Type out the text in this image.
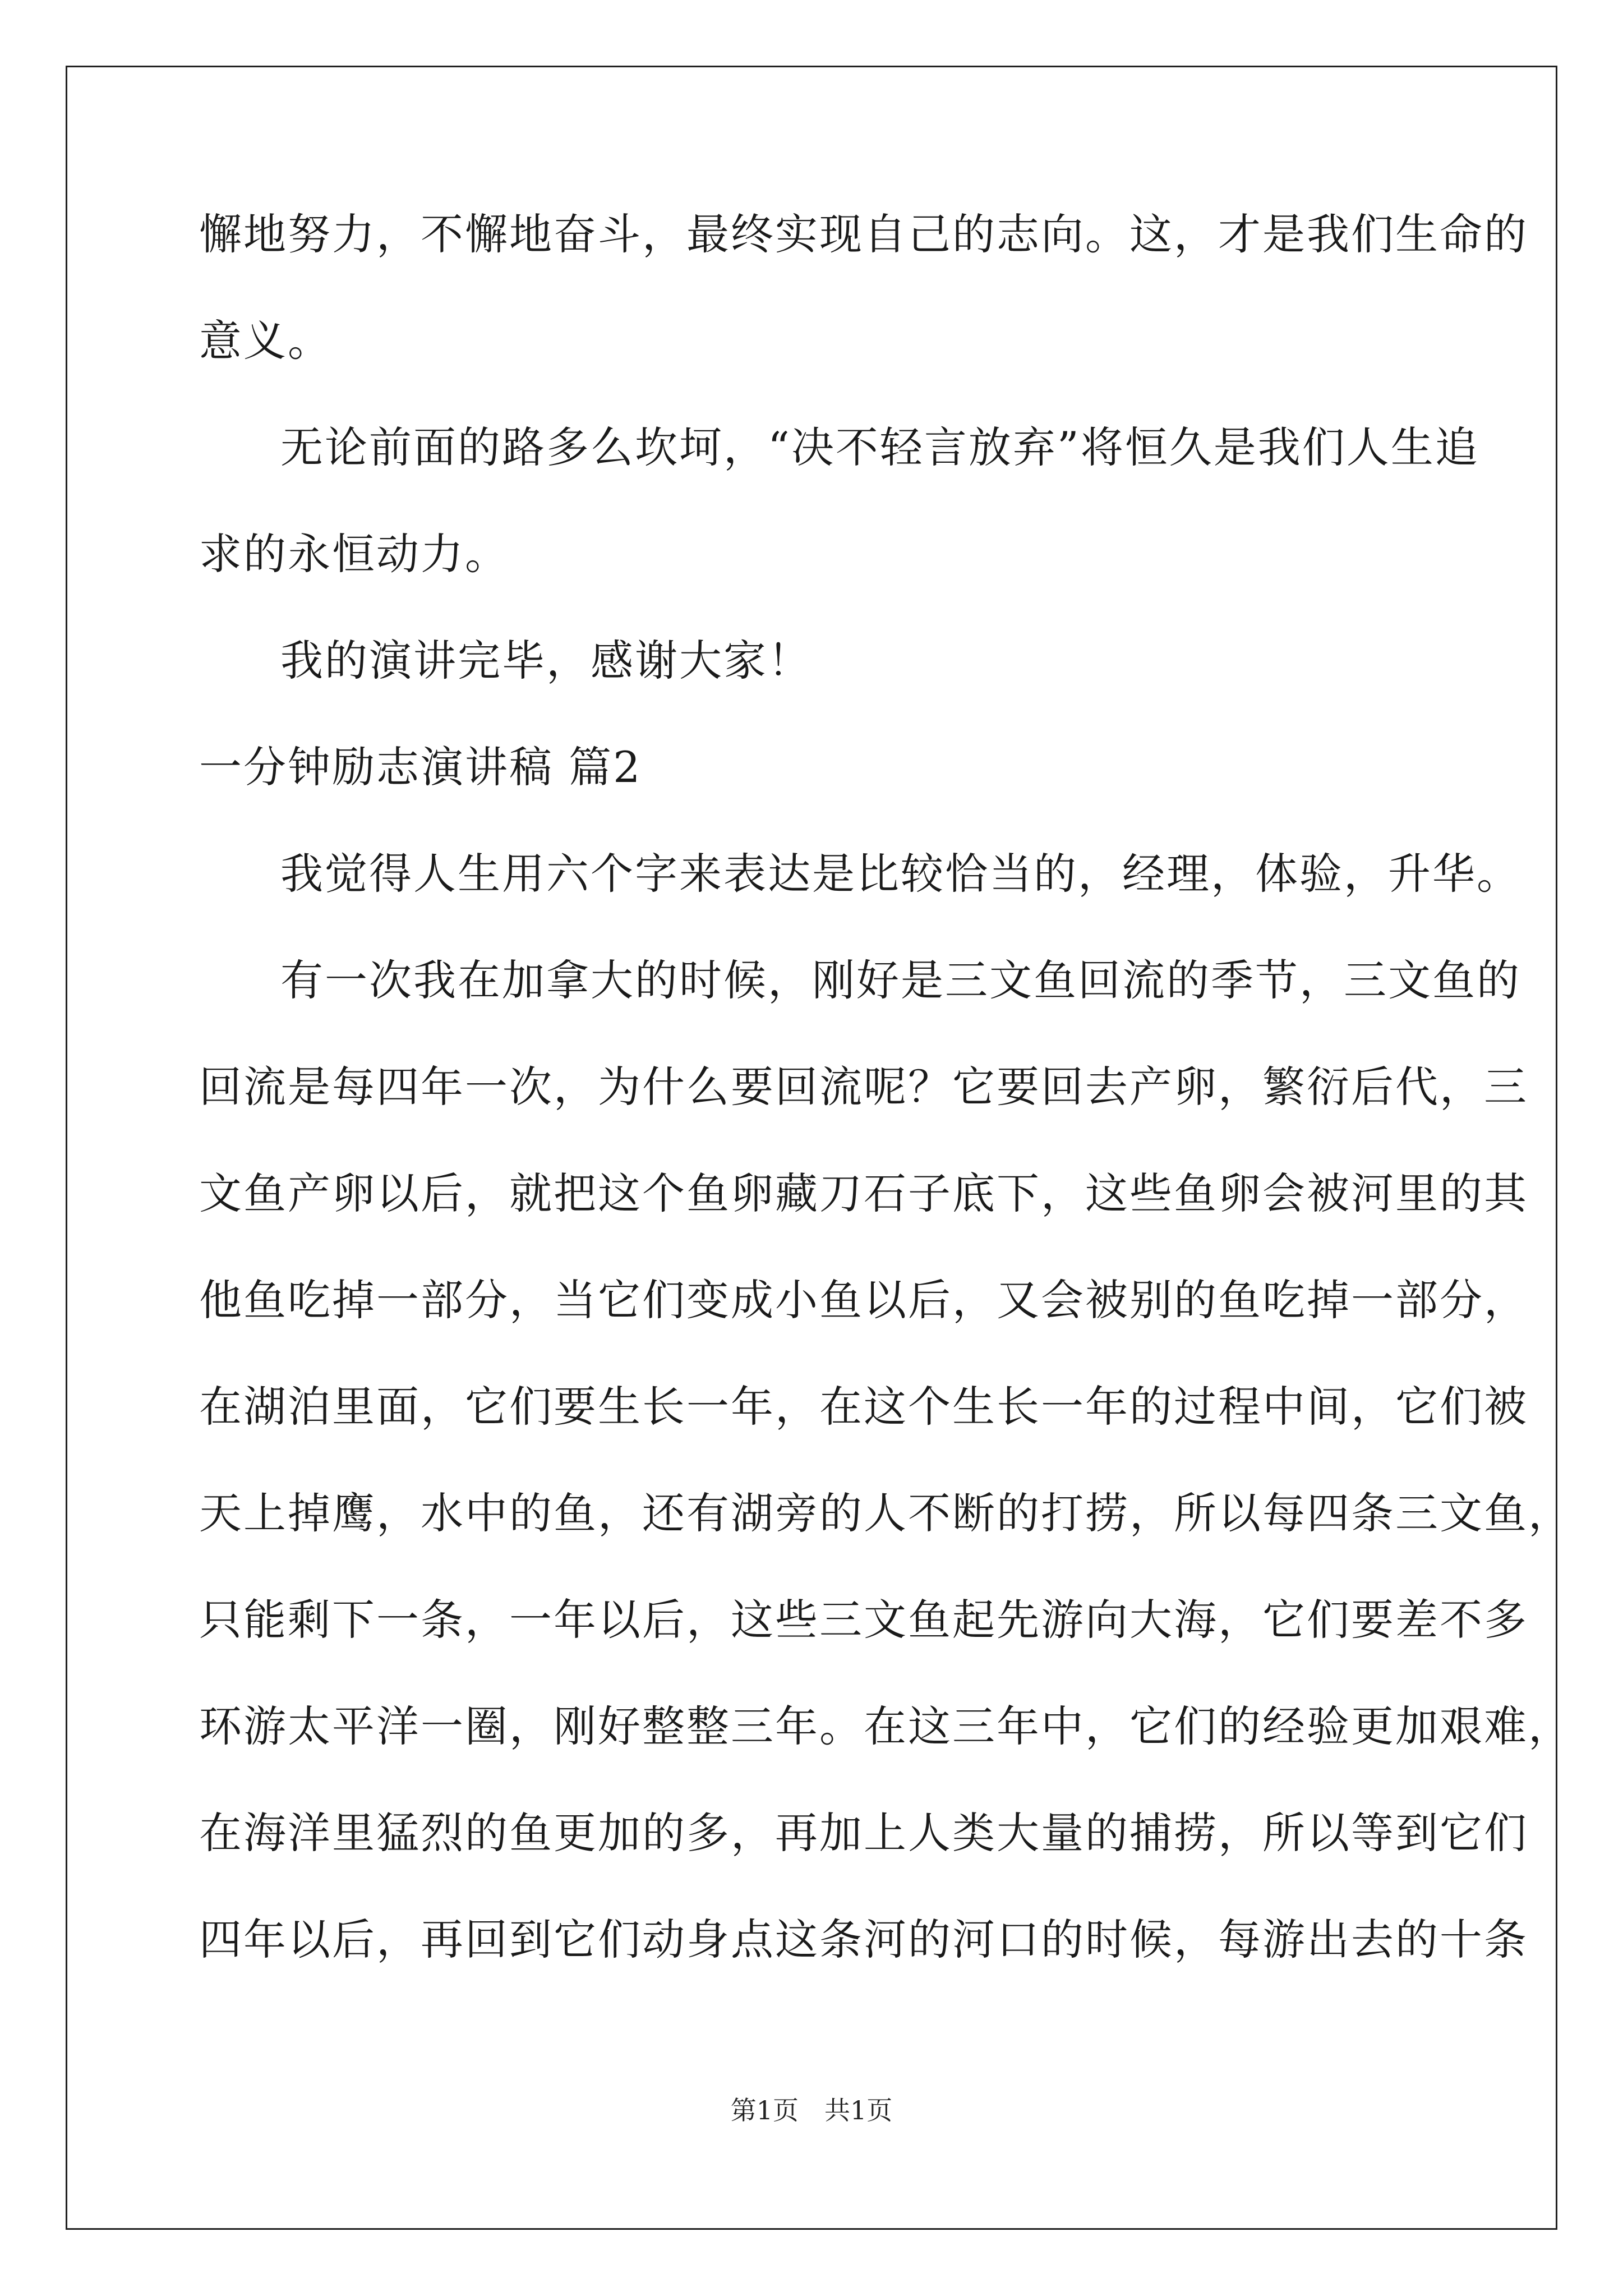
懈地努力，不懈地奋斗，最终实现自己的志向。这，才是我们生命的
意义。
无论前面的路多么坎坷，“决不轻言放弃”将恒久是我们人生追
求的永恒动力。
我的演讲完毕，感谢大家！
一分钟励志演讲稿 篇2
我觉得人生用六个字来表达是比较恰当的，经理，体验，升华。
有一次我在加拿大的时候，刚好是三文鱼回流的季节，三文鱼的
回流是每四年一次，为什么要回流呢？它要回去产卵，繁衍后代，三
文鱼产卵以后，就把这个鱼卵藏刀石子底下，这些鱼卵会被河里的其
他鱼吃掉一部分，当它们变成小鱼以后，又会被别的鱼吃掉一部分，
在湖泊里面，它们要生长一年，在这个生长一年的过程中间，它们被
天上掉鹰，水中的鱼，还有湖旁的人不断的打捞，所以每四条三文鱼，
只能剩下一条，一年以后，这些三文鱼起先游向大海，它们要差不多
环游太平洋一圈，刚好整整三年。在这三年中，它们的经验更加艰难，
在海洋里猛烈的鱼更加的多，再加上人类大量的捕捞，所以等到它们
四年以后，再回到它们动身点这条河的河口的时候，每游出去的十条
第1页　共1页
